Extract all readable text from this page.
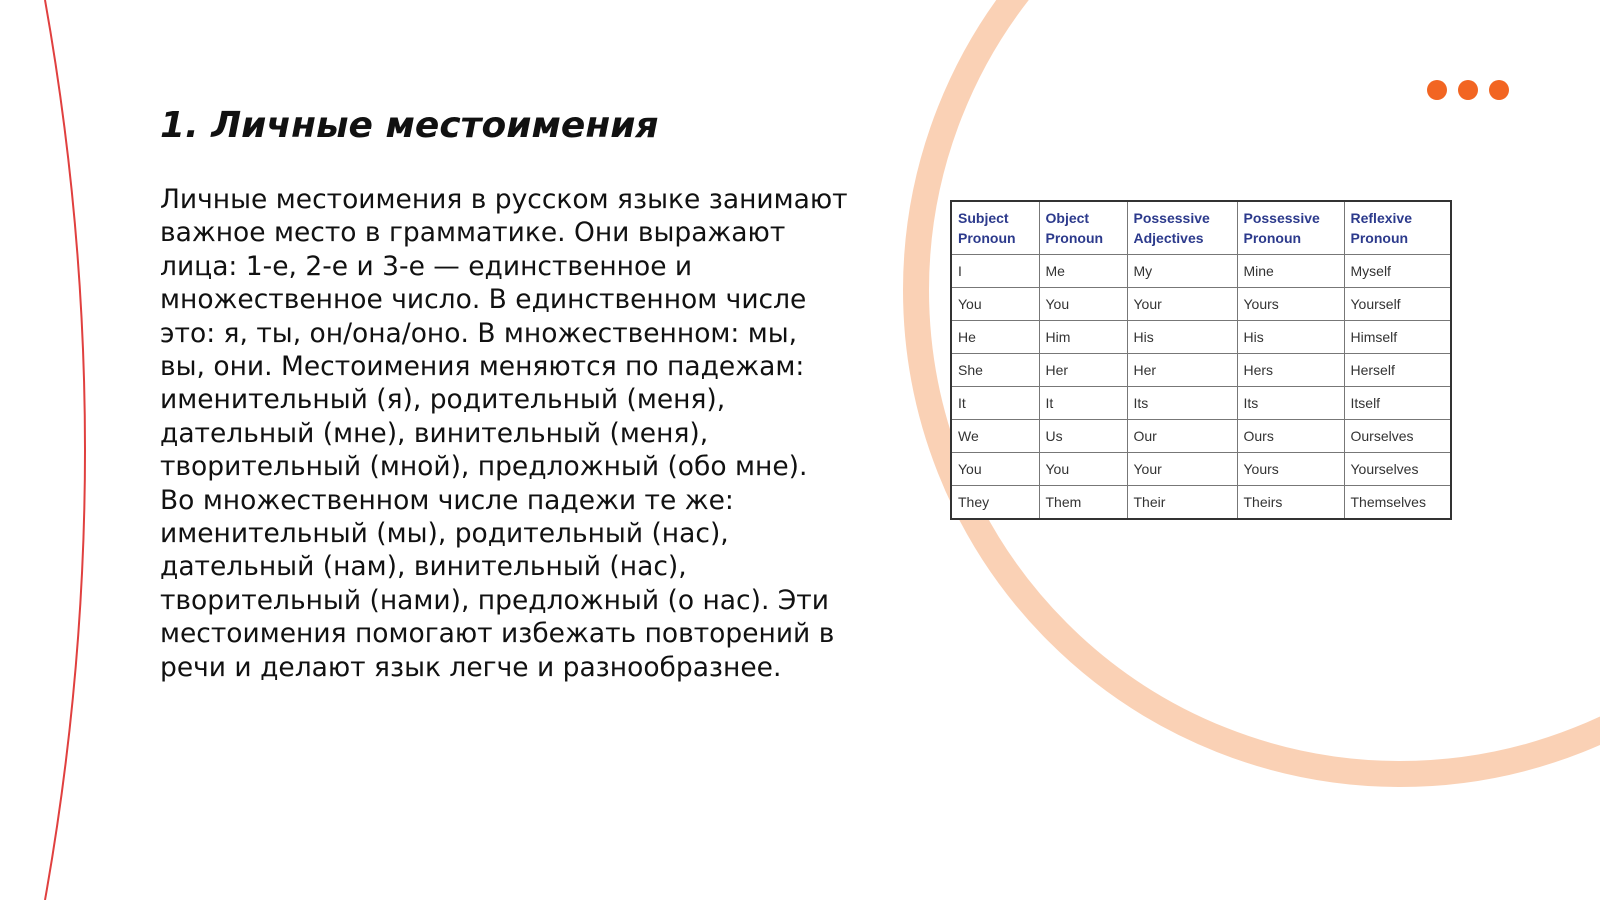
1. Личные местоимения

Личные местоимения в русском языке занимают важное место в грамматике. Они выражают лица: 1-е, 2-е и 3-е — единственное и множественное число. В единственном числе это: я, ты, он/она/оно. В множественном: мы, вы, они. Местоимения меняются по падежам: именительный (я), родительный (меня), дательный (мне), винительный (меня), творительный (мной), предложный (обо мне). Во множественном числе падежи те же: именительный (мы), родительный (нас), дательный (нам), винительный (нас), творительный (нами), предложный (о нас). Эти местоимения помогают избежать повторений в речи и делают язык легче и разнообразнее.

Subject Pronoun	Object Pronoun	Possessive Adjectives	Possessive Pronoun	Reflexive Pronoun
I	Me	My	Mine	Myself
You	You	Your	Yours	Yourself
He	Him	His	His	Himself
She	Her	Her	Hers	Herself
It	It	Its	Its	Itself
We	Us	Our	Ours	Ourselves
You	You	Your	Yours	Yourselves
They	Them	Their	Theirs	Themselves
